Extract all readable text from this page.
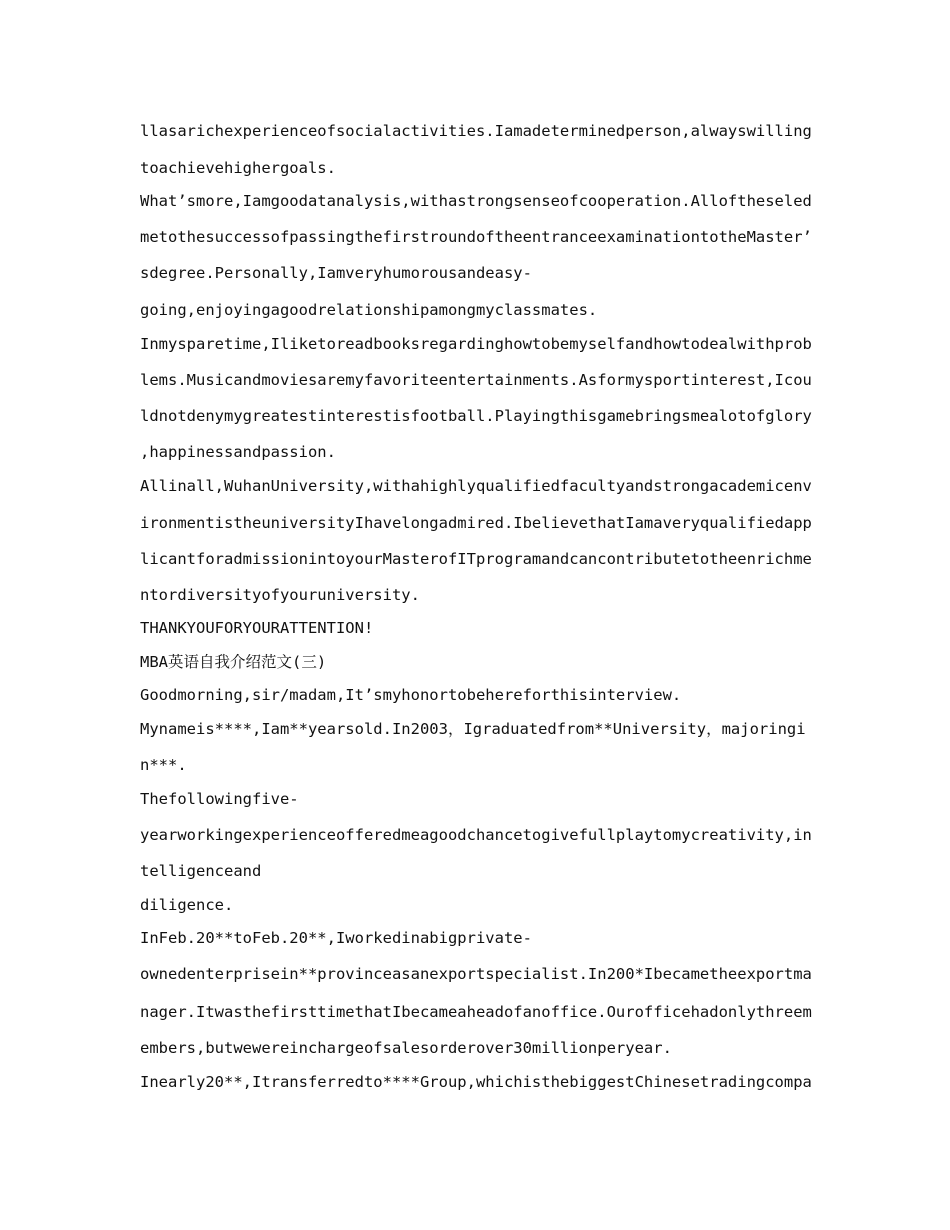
llasarichexperienceofsocialactivities.Iamadeterminedperson,alwayswilling
toachievehighergoals.
What’smore,Iamgoodatanalysis,withastrongsenseofcooperation.Alloftheseled
metothesuccessofpassingthefirstroundoftheentranceexaminationtotheMaster’
sdegree.Personally,Iamveryhumorousandeasy-
going,enjoyingagoodrelationshipamongmyclassmates.
Inmysparetime,Iliketoreadbooksregardinghowtobemyselfandhowtodealwithprob
lems.Musicandmoviesaremyfavoriteentertainments.Asformysportinterest,Icou
ldnotdenymygreatestinterestisfootball.Playingthisgamebringsmealotofglory
,happinessandpassion.
Allinall,WuhanUniversity,withahighlyqualifiedfacultyandstrongacademicenv
ironmentistheuniversityIhavelongadmired.IbelievethatIamaveryqualifiedapp
licantforadmissionintoyourMasterofITprogramandcancontributetotheenrichme
ntordiversityofyouruniversity.
THANKYOUFORYOURATTENTION!
MBA英语自我介绍范文(三)
Goodmorning,sir/madam,It’smyhonortobehereforthisinterview.
Mynameis****,Iam**yearsold.In2003，Igraduatedfrom**University，majoringi
n***.
Thefollowingfive-
yearworkingexperienceofferedmeagoodchancetogivefullplaytomycreativity,in
telligenceand
diligence.
InFeb.20**toFeb.20**,Iworkedinabigprivate-
ownedenterprisein**provinceasanexportspecialist.In200*Ibecametheexportma
nager.ItwasthefirsttimethatIbecameaheadofanoffice.Ourofficehadonlythreem
embers,butwewereinchargeofsalesorderover30millionperyear.
Inearly20**,Itransferredto****Group,whichisthebiggestChinesetradingcompa
